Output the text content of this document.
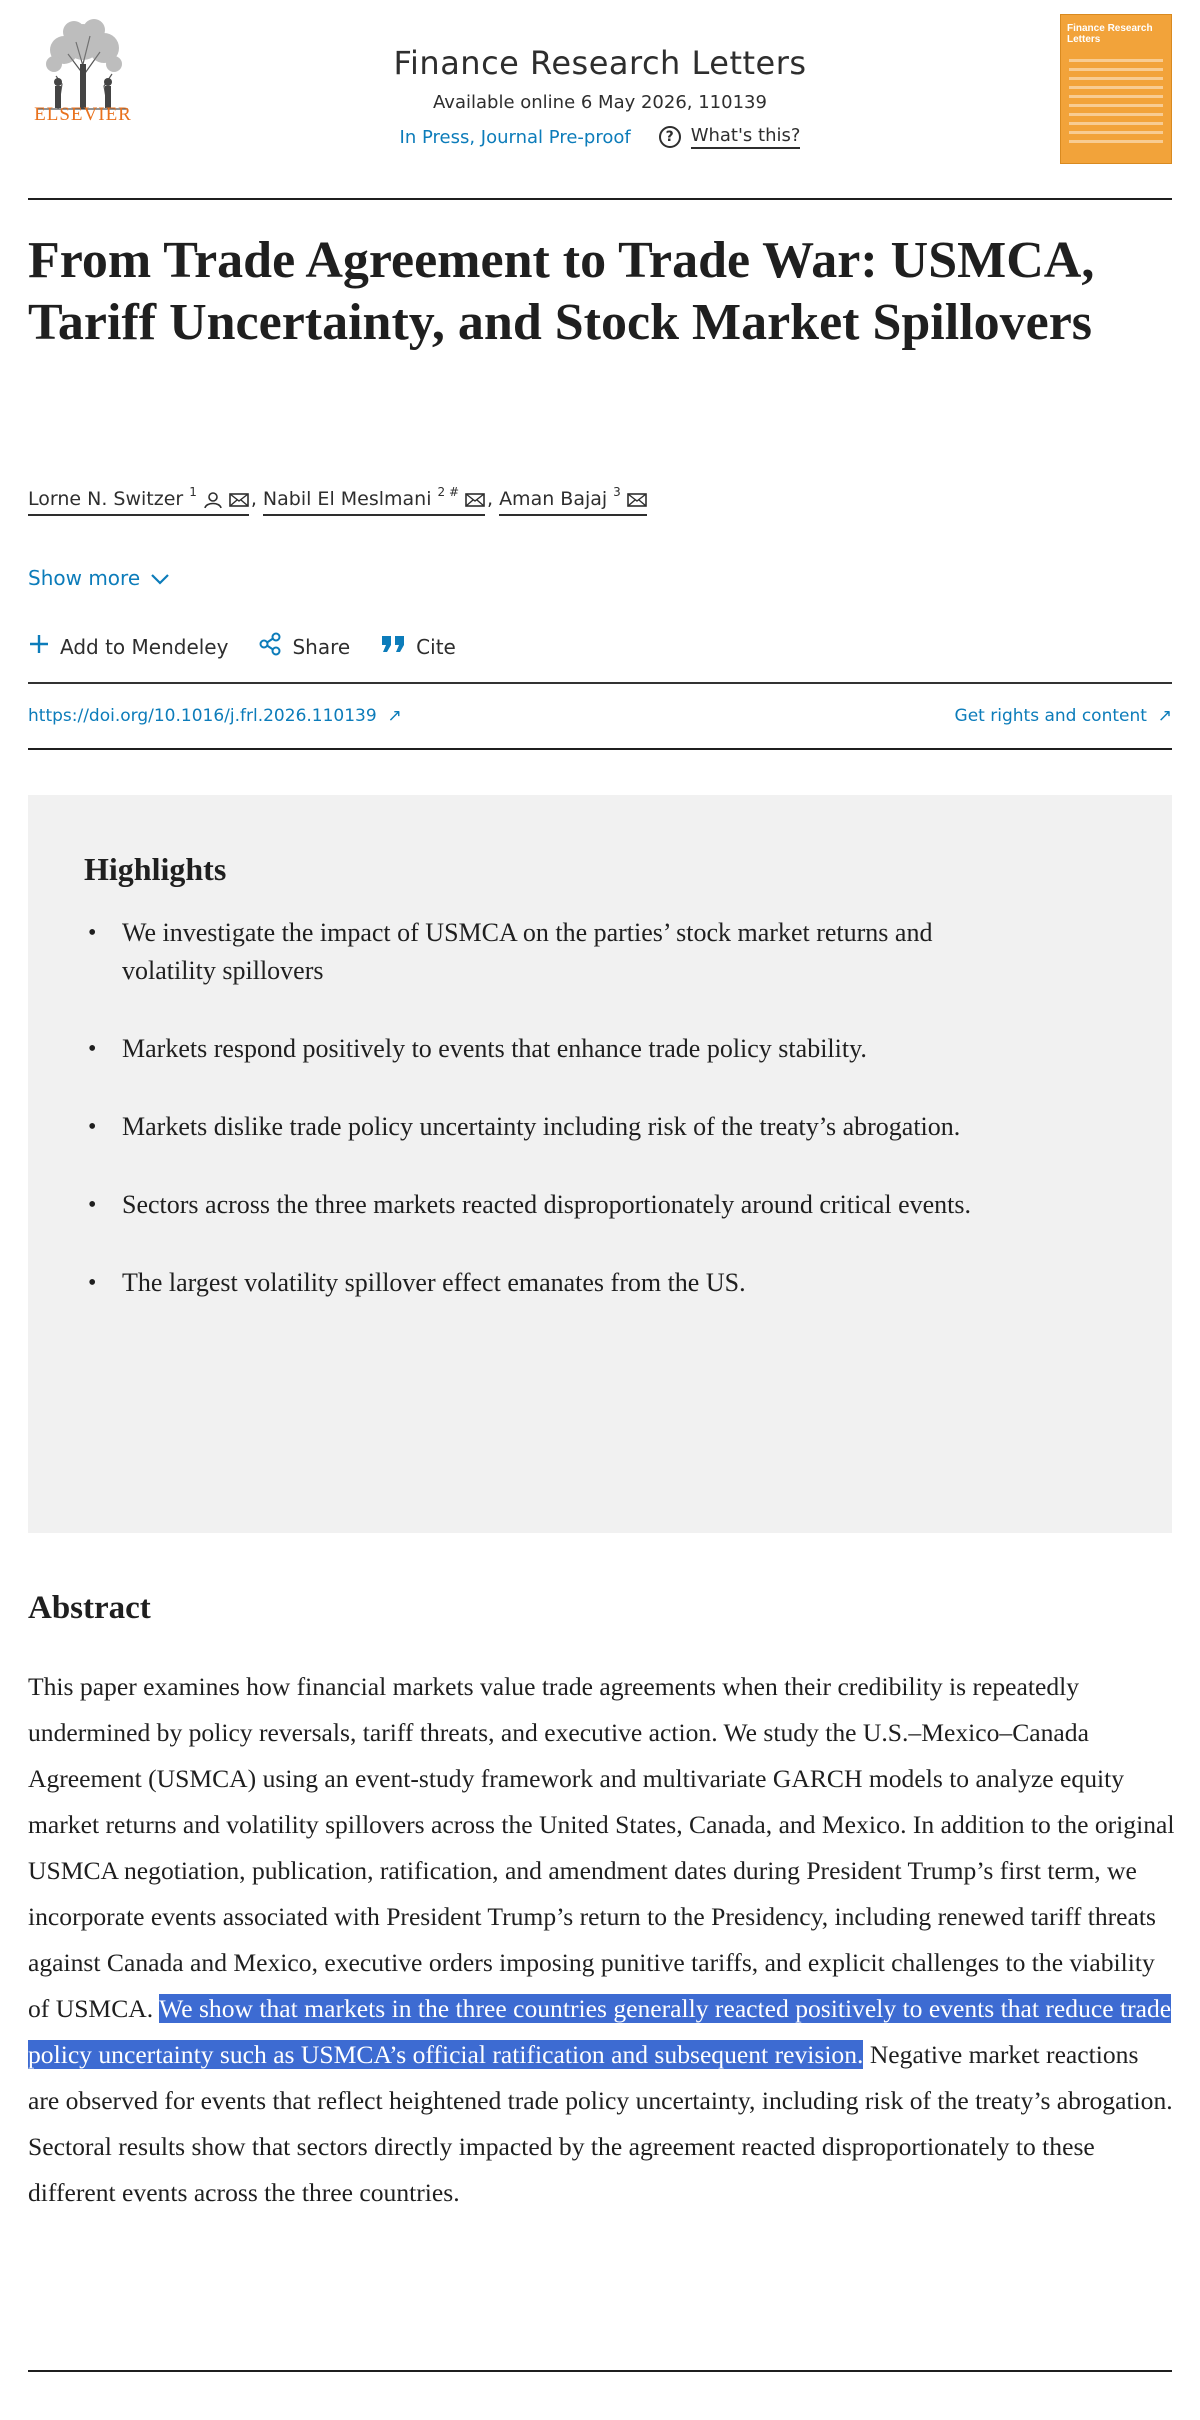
ELSEVIER
Finance Research Letters
Available online 6 May 2026, 110139
In Press, Journal Pre-proof	? What's this?
Finance Research Letters
From Trade Agreement to Trade War: USMCA, Tariff Uncertainty, and Stock Market Spillovers
Lorne N. Switzer $^1$	, Nabil El Meslmani $^{2 \#}$ , Aman Bajaj $^3$
Show more
Add to Mendeley	Share	Cite
https://doi.org/10.1016/j.frl.2026.110139  ↗	Get rights and content  ↗
Highlights
• We investigate the impact of USMCA on the parties’ stock market returns and volatility spillovers
• Markets respond positively to events that enhance trade policy stability.
• Markets dislike trade policy uncertainty including risk of the treaty’s abrogation.
• Sectors across the three markets reacted disproportionately around critical events.
• The largest volatility spillover effect emanates from the US.
Abstract

This paper examines how financial markets value trade agreements when their credibility is repeatedly undermined by policy reversals, tariff threats, and executive action. We study the U.S.–Mexico–Canada Agreement (USMCA) using an event-study framework and multivariate GARCH models to analyze equity market returns and volatility spillovers across the United States, Canada, and Mexico. In addition to the original USMCA negotiation, publication, ratification, and amendment dates during President Trump’s first term, we incorporate events associated with President Trump’s return to the Presidency, including renewed tariff threats against Canada and Mexico, executive orders imposing punitive tariffs, and explicit challenges to the viability of USMCA. We show that markets in the three countries generally reacted positively to events that reduce trade policy uncertainty such as USMCA’s official ratification and subsequent revision. Negative market reactions are observed for events that reflect heightened trade policy uncertainty, including risk of the treaty’s abrogation. Sectoral results show that sectors directly impacted by the agreement reacted disproportionately to these different events across the three countries.
